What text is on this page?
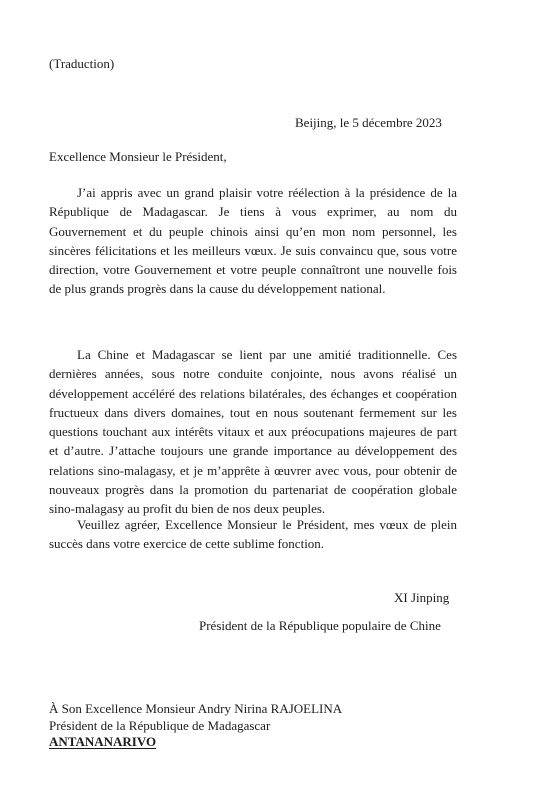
(Traduction)
Beijing, le 5 décembre 2023
Excellence Monsieur le Président,

J’ai appris avec un grand plaisir votre réélection à la présidence de la République de Madagascar. Je tiens à vous exprimer, au nom du Gouvernement et du peuple chinois ainsi qu’en mon nom personnel, les sincères félicitations et les meilleurs vœux. Je suis convaincu que, sous votre direction, votre Gouvernement et votre peuple connaîtront une nouvelle fois de plus grands progrès dans la cause du développement national.

La Chine et Madagascar se lient par une amitié traditionnelle. Ces dernières années, sous notre conduite conjointe, nous avons réalisé un développement accéléré des relations bilatérales, des échanges et coopération fructueux dans divers domaines, tout en nous soutenant fermement sur les questions touchant aux intérêts vitaux et aux préocupations majeures de part et d’autre. J’attache toujours une grande importance au développement des relations sino-malagasy, et je m’apprête à œuvrer avec vous, pour obtenir de nouveaux progrès dans la promotion du partenariat de coopération globale sino-malagasy au profit du bien de nos deux peuples.

Veuillez agréer, Excellence Monsieur le Président, mes vœux de plein succès dans votre exercice de cette sublime fonction.

XI Jinping
Président de la République populaire de Chine
À Son Excellence Monsieur Andry Nirina RAJOELINA
Président de la République de Madagascar
ANTANANARIVO
